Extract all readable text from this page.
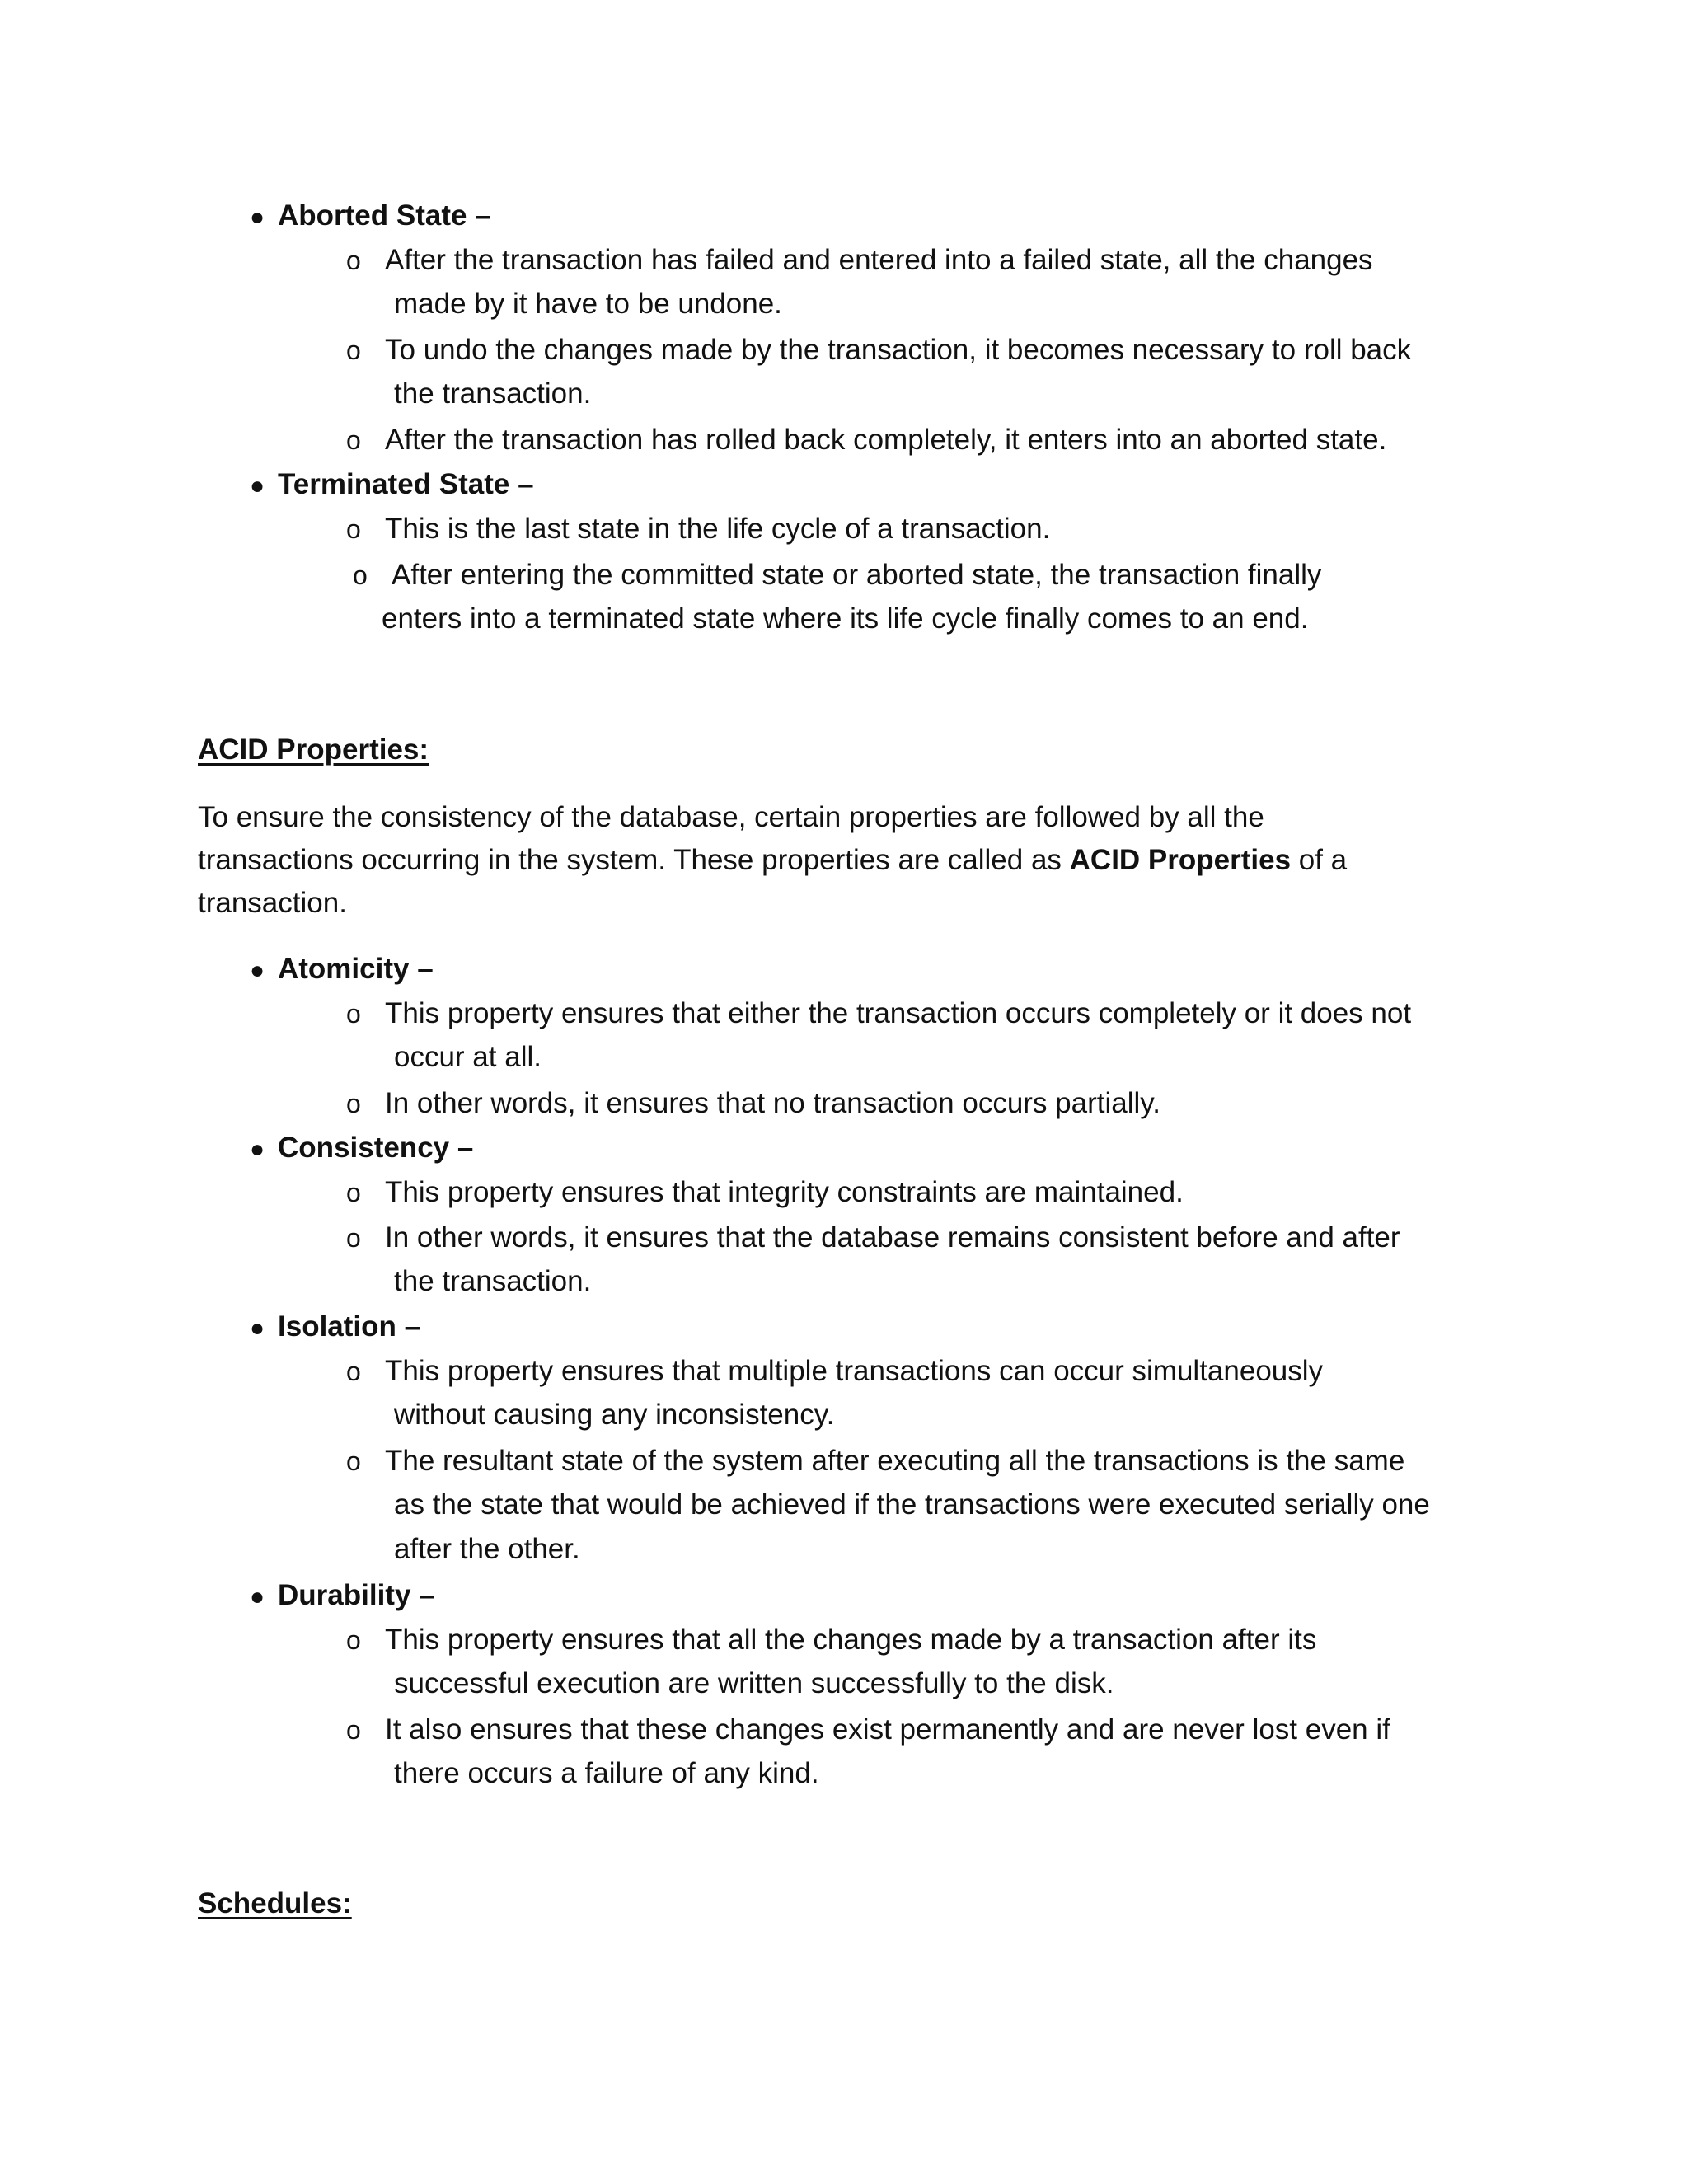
● Aborted State –
o After the transaction has failed and entered into a failed state, all the changes
made by it have to be undone.
o To undo the changes made by the transaction, it becomes necessary to roll back
the transaction.
o After the transaction has rolled back completely, it enters into an aborted state.
● Terminated State –
o This is the last state in the life cycle of a transaction.
o After entering the committed state or aborted state, the transaction finally
enters into a terminated state where its life cycle finally comes to an end.
ACID Properties:
To ensure the consistency of the database, certain properties are followed by all the
transactions occurring in the system. These properties are called as ACID Properties of a
transaction.
● Atomicity –
o This property ensures that either the transaction occurs completely or it does not
occur at all.
o In other words, it ensures that no transaction occurs partially.
● Consistency –
o This property ensures that integrity constraints are maintained.
o In other words, it ensures that the database remains consistent before and after
the transaction.
● Isolation –
o This property ensures that multiple transactions can occur simultaneously
without causing any inconsistency.
o The resultant state of the system after executing all the transactions is the same
as the state that would be achieved if the transactions were executed serially one
after the other.
● Durability –
o This property ensures that all the changes made by a transaction after its
successful execution are written successfully to the disk.
o It also ensures that these changes exist permanently and are never lost even if
there occurs a failure of any kind.
Schedules:
